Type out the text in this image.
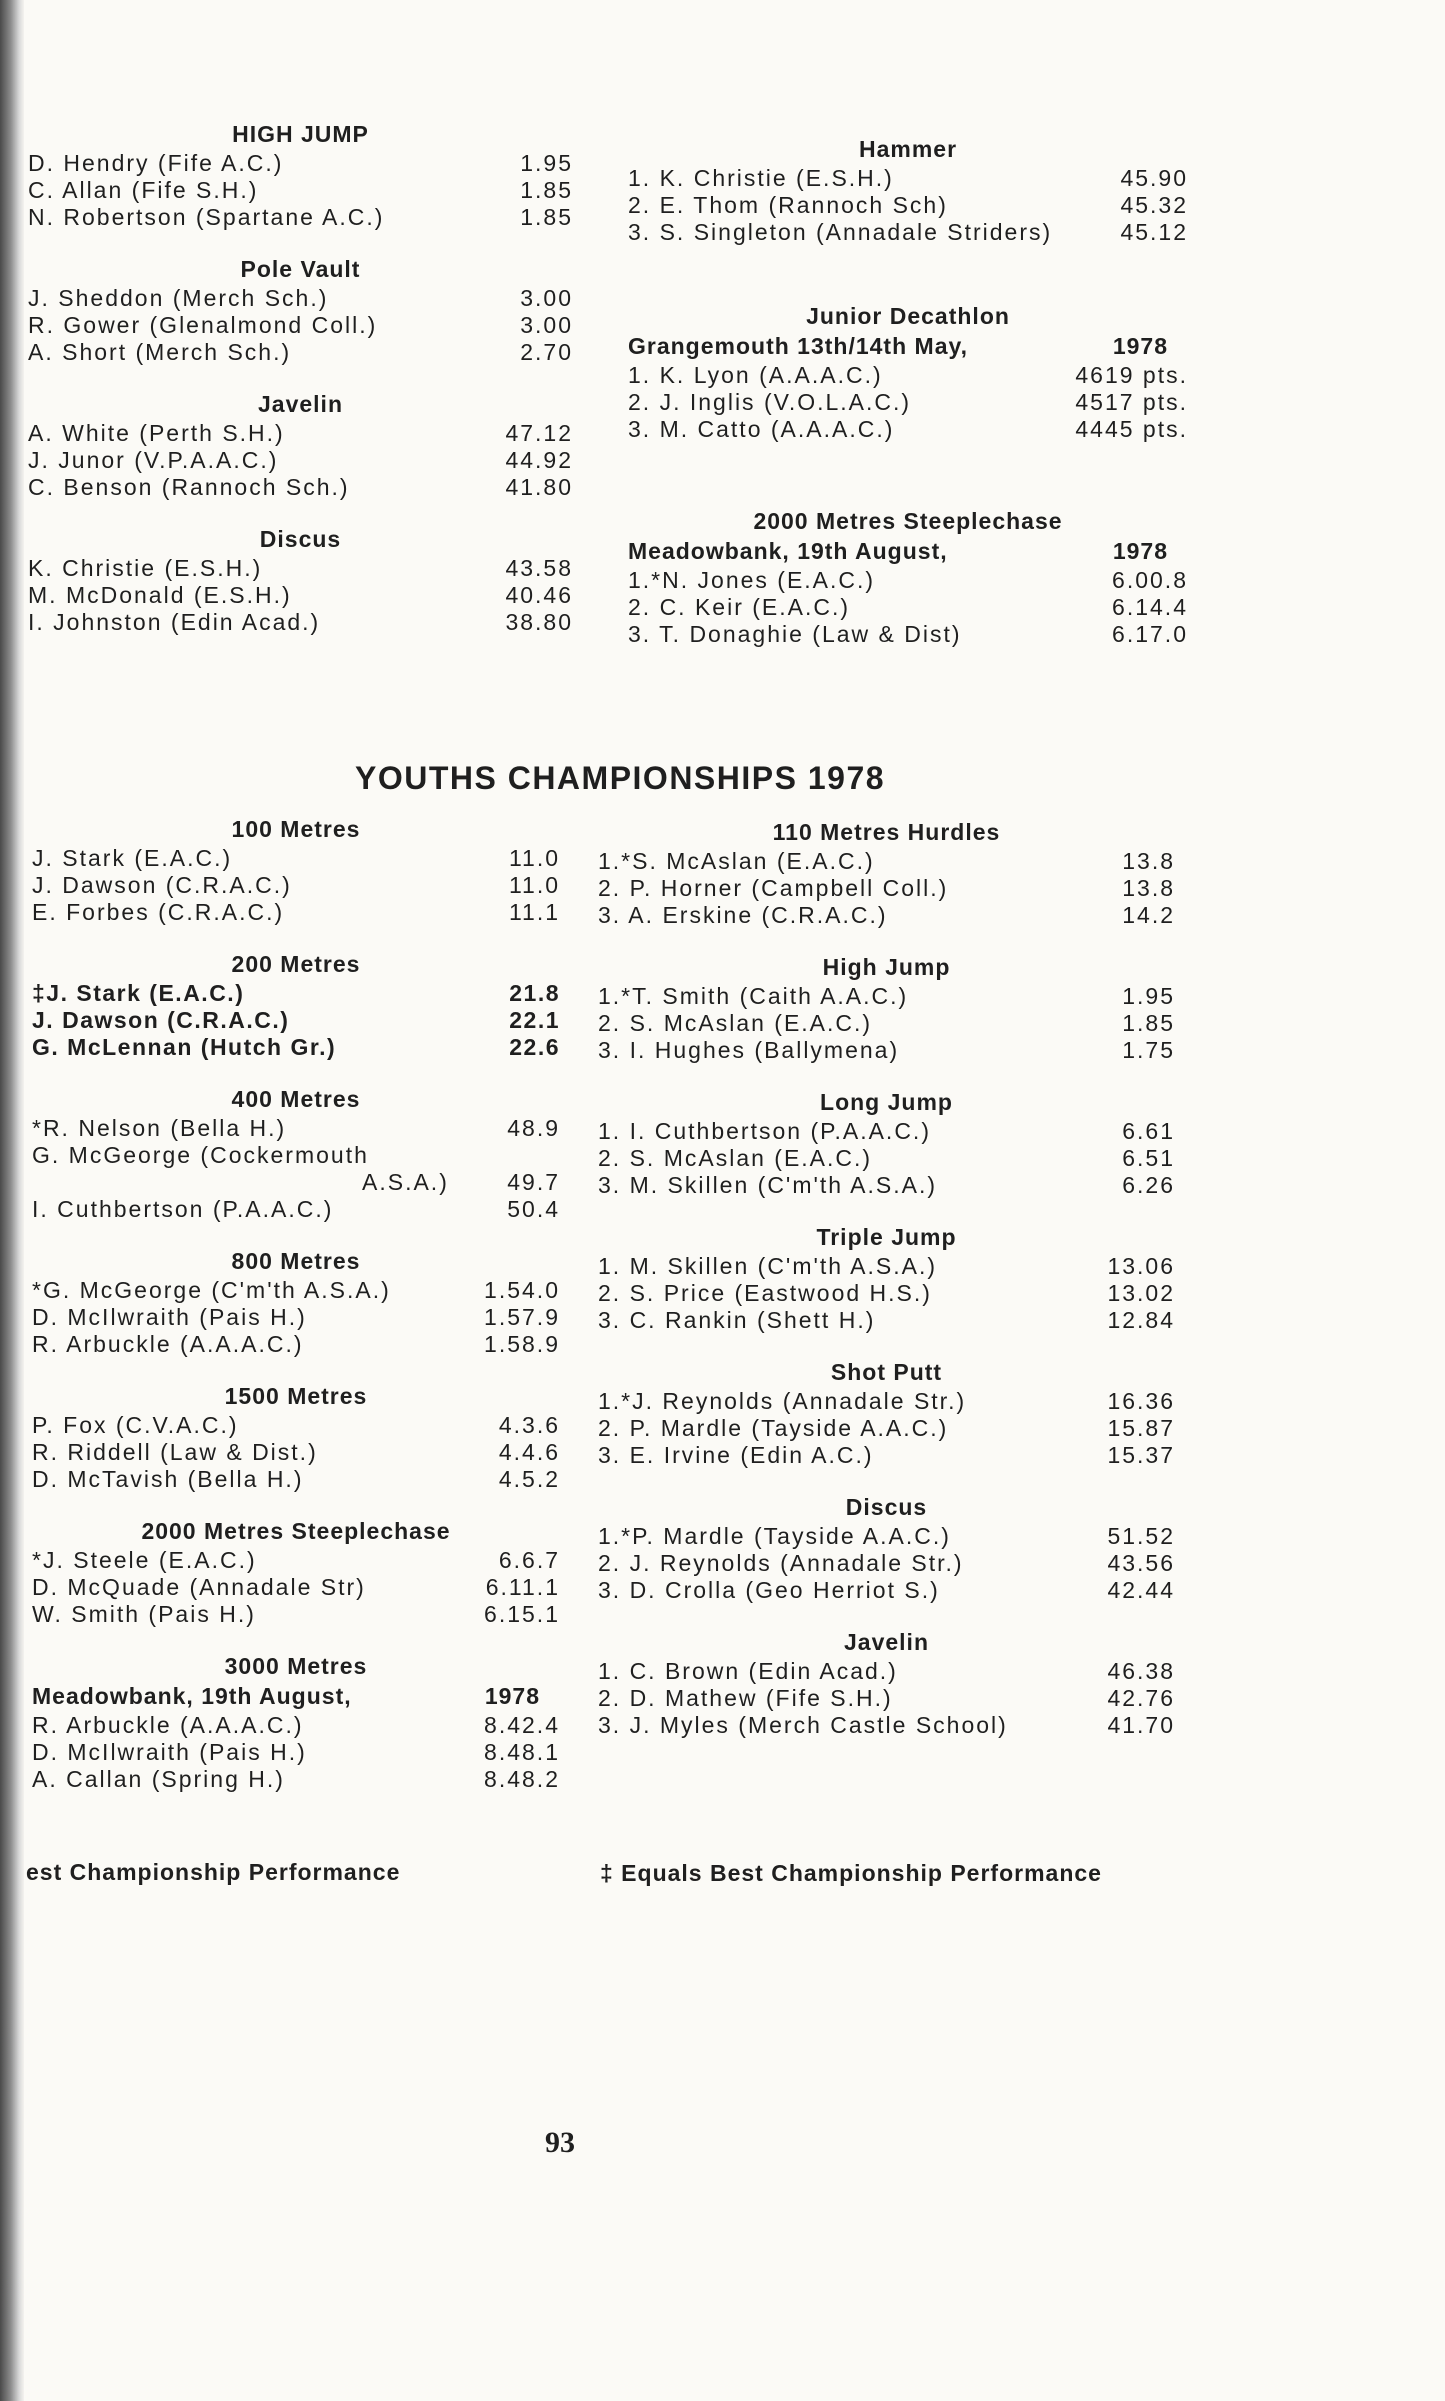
HIGH JUMP
D. Hendry (Fife A.C.)	1.95
C. Allan (Fife S.H.)	1.85
N. Robertson (Spartane A.C.)	1.85
Pole Vault
J. Sheddon (Merch Sch.)	3.00
R. Gower (Glenalmond Coll.)	3.00
A. Short (Merch Sch.)	2.70
Javelin
A. White (Perth S.H.)	47.12
J. Junor (V.P.A.A.C.)	44.92
C. Benson (Rannoch Sch.)	41.80
Discus
K. Christie (E.S.H.)	43.58
M. McDonald (E.S.H.)	40.46
I. Johnston (Edin Acad.)	38.80
Hammer
1. K. Christie (E.S.H.)	45.90
2. E. Thom (Rannoch Sch)	45.32
3. S. Singleton (Annadale Striders)	45.12
Junior Decathlon
Grangemouth 13th/14th May,	1978
1. K. Lyon (A.A.A.C.)	4619 pts.
2. J. Inglis (V.O.L.A.C.)	4517 pts.
3. M. Catto (A.A.A.C.)	4445 pts.
2000 Metres Steeplechase
Meadowbank, 19th August,	1978
1.*N. Jones (E.A.C.)	6.00.8
2. C. Keir (E.A.C.)	6.14.4
3. T. Donaghie (Law & Dist)	6.17.0
YOUTHS CHAMPIONSHIPS 1978
100 Metres
J. Stark (E.A.C.)	11.0
J. Dawson (C.R.A.C.)	11.0
E. Forbes (C.R.A.C.)	11.1
200 Metres
‡J. Stark (E.A.C.)	21.8
J. Dawson (C.R.A.C.)	22.1
G. McLennan (Hutch Gr.)	22.6
400 Metres
*R. Nelson (Bella H.)	48.9
G. McGeorge (Cockermouth
A.S.A.)	49.7
I. Cuthbertson (P.A.A.C.)	50.4
800 Metres
*G. McGeorge (C'm'th A.S.A.)	1.54.0
D. McIlwraith (Pais H.)	1.57.9
R. Arbuckle (A.A.A.C.)	1.58.9
1500 Metres
P. Fox (C.V.A.C.)	4.3.6
R. Riddell (Law & Dist.)	4.4.6
D. McTavish (Bella H.)	4.5.2
2000 Metres Steeplechase
*J. Steele (E.A.C.)	6.6.7
D. McQuade (Annadale Str)	6.11.1
W. Smith (Pais H.)	6.15.1
3000 Metres
Meadowbank, 19th August,	1978
R. Arbuckle (A.A.A.C.)	8.42.4
D. McIlwraith (Pais H.)	8.48.1
A. Callan (Spring H.)	8.48.2
110 Metres Hurdles
1.*S. McAslan (E.A.C.)	13.8
2. P. Horner (Campbell Coll.)	13.8
3. A. Erskine (C.R.A.C.)	14.2
High Jump
1.*T. Smith (Caith A.A.C.)	1.95
2. S. McAslan (E.A.C.)	1.85
3. I. Hughes (Ballymena)	1.75
Long Jump
1. I. Cuthbertson (P.A.A.C.)	6.61
2. S. McAslan (E.A.C.)	6.51
3. M. Skillen (C'm'th A.S.A.)	6.26
Triple Jump
1. M. Skillen (C'm'th A.S.A.)	13.06
2. S. Price (Eastwood H.S.)	13.02
3. C. Rankin (Shett H.)	12.84
Shot Putt
1.*J. Reynolds (Annadale Str.)	16.36
2. P. Mardle (Tayside A.A.C.)	15.87
3. E. Irvine (Edin A.C.)	15.37
Discus
1.*P. Mardle (Tayside A.A.C.)	51.52
2. J. Reynolds (Annadale Str.)	43.56
3. D. Crolla (Geo Herriot S.)	42.44
Javelin
1. C. Brown (Edin Acad.)	46.38
2. D. Mathew (Fife S.H.)	42.76
3. J. Myles (Merch Castle School)	41.70
est Championship Performance	‡ Equals Best Championship Performance
93
